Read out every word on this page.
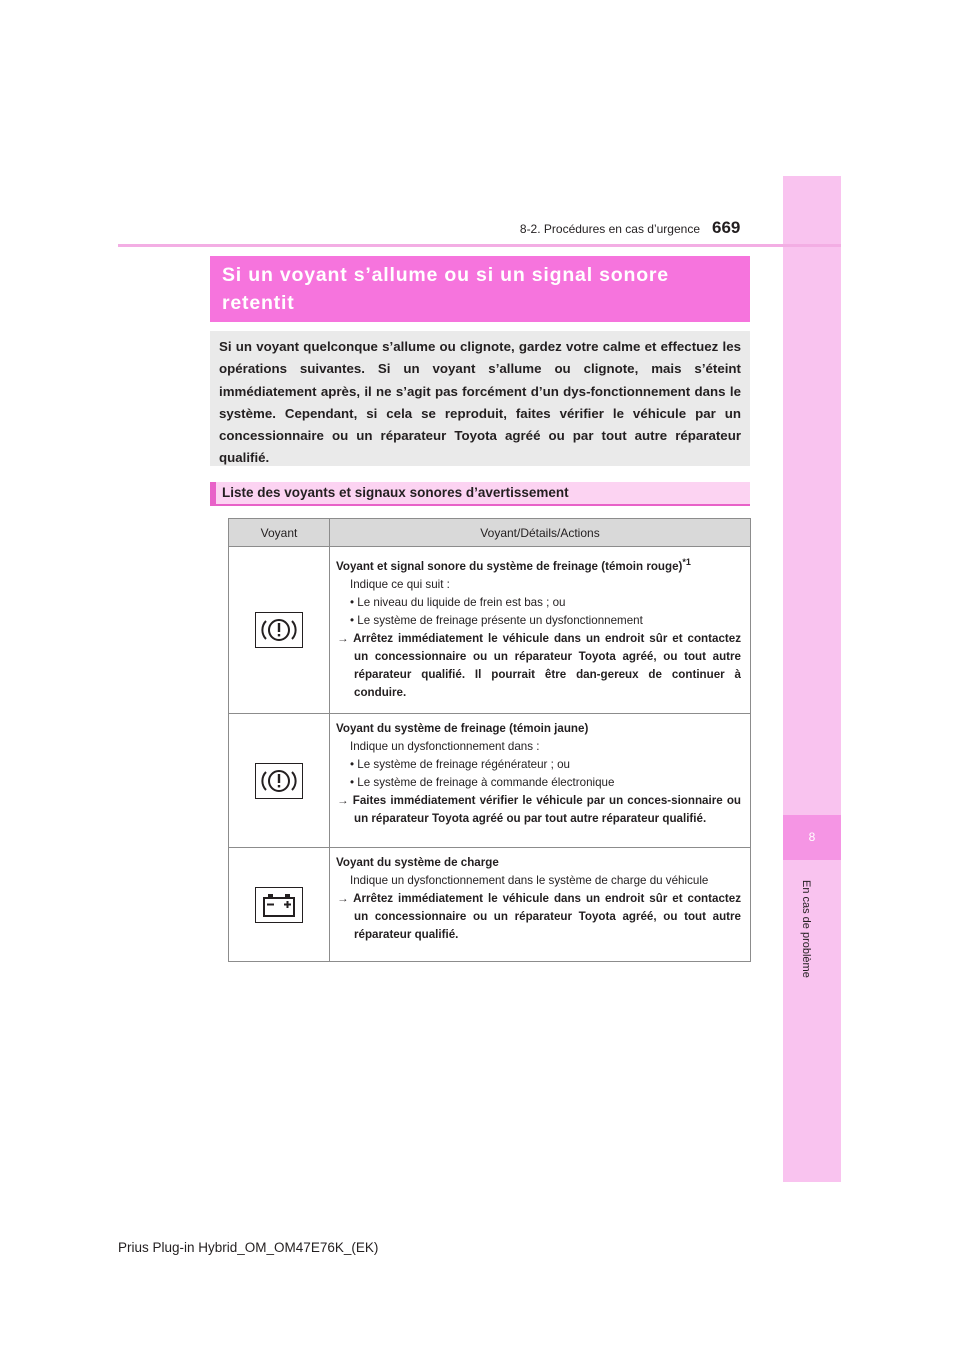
8
En cas de problème
8-2. Procédures en cas d’urgence 669
Si un voyant s’allume ou si un signal sonore retentit

Si un voyant quelconque s’allume ou clignote, gardez votre calme et effectuez les opérations suivantes. Si un voyant s’allume ou clignote, mais s’éteint immédiatement après, il ne s’agit pas forcément d’un dys-fonctionnement dans le système. Cependant, si cela se reproduit, faites vérifier le véhicule par un concessionnaire ou un réparateur Toyota agréé ou par tout autre réparateur qualifié.

Liste des voyants et signaux sonores d’avertissement
Voyant	Voyant/Détails/Actions

Voyant et signal sonore du système de freinage (témoin rouge)$^{*1}$
Indique ce qui suit :
• Le niveau du liquide de frein est bas ; ou
• Le système de freinage présente un dysfonctionnement
→ Arrêtez immédiatement le véhicule dans un endroit sûr et contactez un concessionnaire ou un réparateur Toyota agréé, ou tout autre réparateur qualifié. Il pourrait être dan-gereux de continuer à conduire.

Voyant du système de freinage (témoin jaune)
Indique un dysfonctionnement dans :
• Le système de freinage régénérateur ; ou
• Le système de freinage à commande électronique
→ Faites immédiatement vérifier le véhicule par un conces-sionnaire ou un réparateur Toyota agréé ou par tout autre réparateur qualifié.

Voyant du système de charge
Indique un dysfonctionnement dans le système de charge du véhicule
→ Arrêtez immédiatement le véhicule dans un endroit sûr et contactez un concessionnaire ou un réparateur Toyota agréé, ou tout autre réparateur qualifié.
Prius Plug-in Hybrid_OM_OM47E76K_(EK)
